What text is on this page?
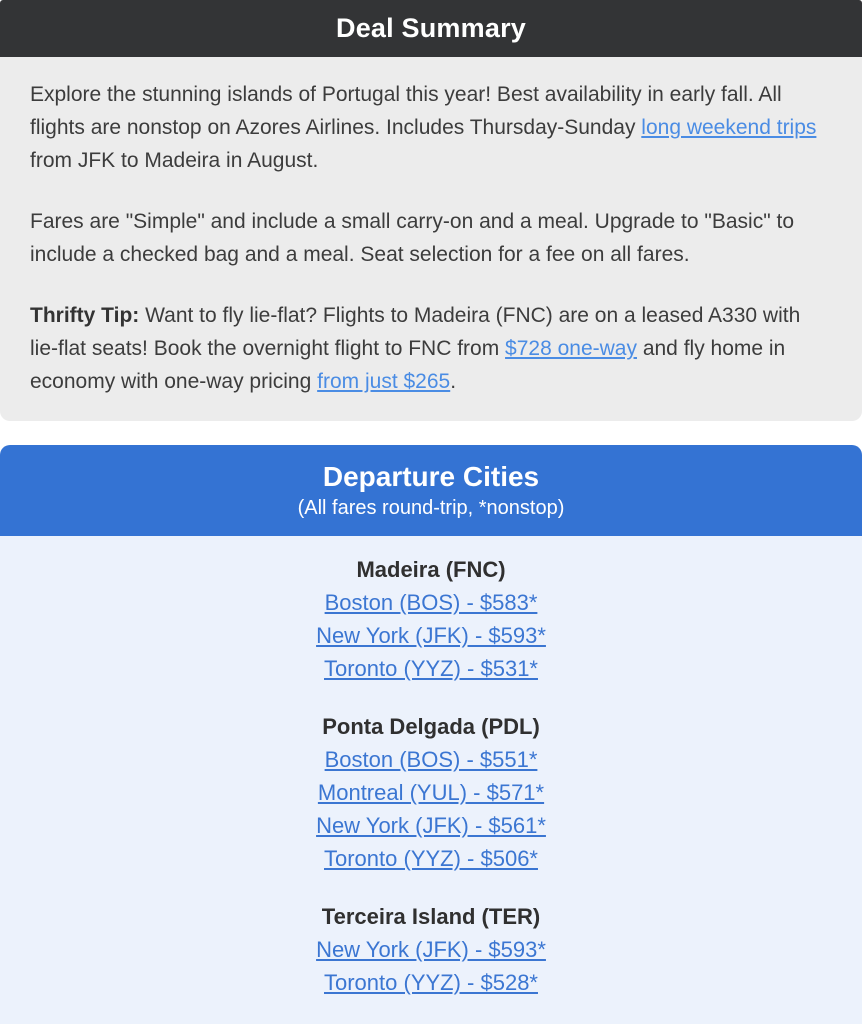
Deal Summary

Explore the stunning islands of Portugal this year! Best availability in early fall. All flights are nonstop on Azores Airlines. Includes Thursday-Sunday long weekend trips from JFK to Madeira in August.

Fares are "Simple" and include a small carry-on and a meal. Upgrade to "Basic" to include a checked bag and a meal. Seat selection for a fee on all fares.

Thrifty Tip: Want to fly lie-flat? Flights to Madeira (FNC) are on a leased A330 with lie-flat seats! Book the overnight flight to FNC from $728 one-way and fly home in economy with one-way pricing from just $265.

Departure Cities
(All fares round-trip, *nonstop)
Madeira (FNC)
Boston (BOS) - $583*
New York (JFK) - $593*
Toronto (YYZ) - $531*
Ponta Delgada (PDL)
Boston (BOS) - $551*
Montreal (YUL) - $571*
New York (JFK) - $561*
Toronto (YYZ) - $506*
Terceira Island (TER)
New York (JFK) - $593*
Toronto (YYZ) - $528*
